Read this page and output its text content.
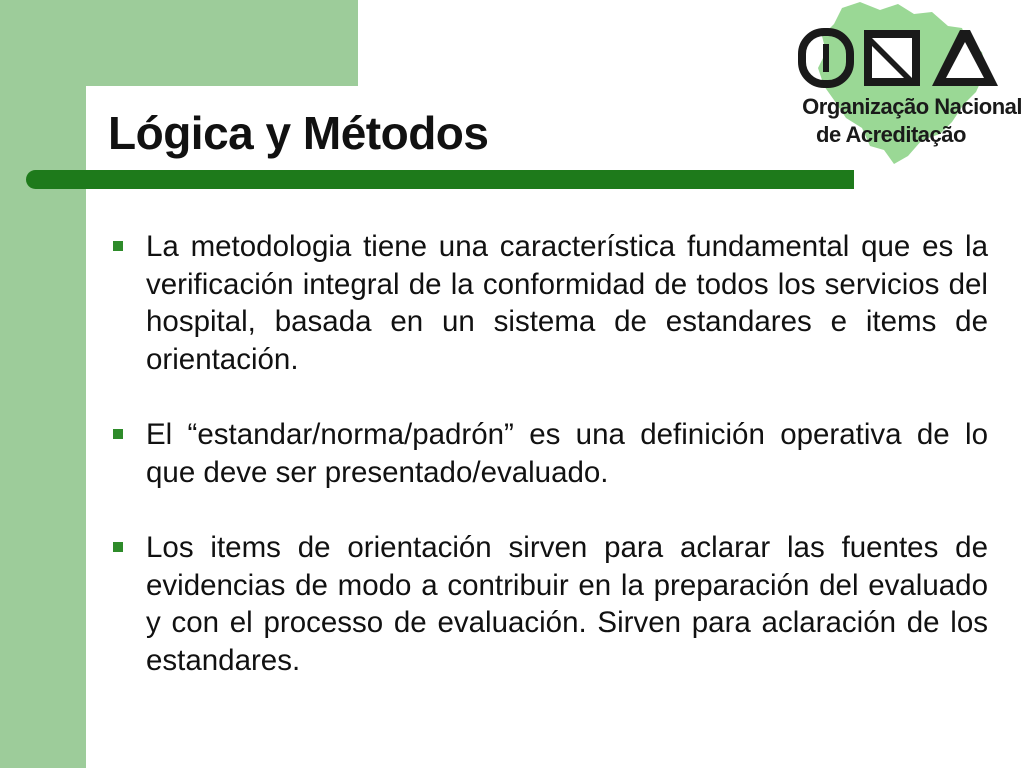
Organização Nacional
de Acreditação
Lógica y Métodos
La metodologia tiene una característica fundamental que es la verificación integral de la conformidad de todos los servicios del hospital, basada en un sistema de estandares e items de orientación.
El “estandar/norma/padrón” es una definición operativa de lo que deve ser presentado/evaluado.
Los items de orientación sirven para aclarar las fuentes de evidencias de modo a contribuir en la preparación del evaluado y con el processo de evaluación. Sirven para aclaración de los estandares.
